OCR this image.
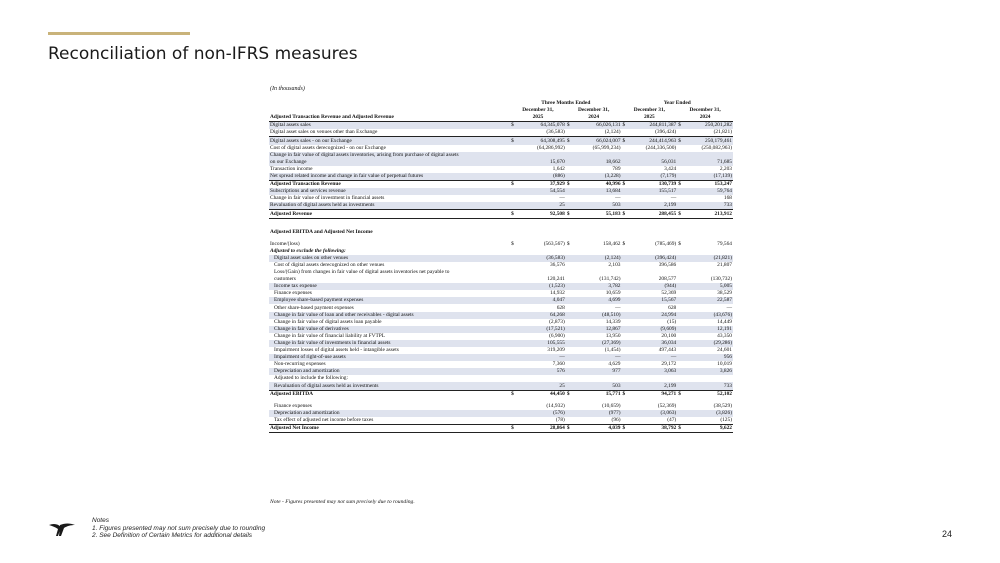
Reconciliation of non-IFRS measures
(In thousands)
	Three Months Ended				Year Ended			
	December 31,		December 31,		December 31,		December 31,	
Adjusted Transaction Revenue and Adjusted Revenue	2025		2024		2025		2024	
Digital assets sales	$	64,345,078	$	66,026,131	$	244,811,387	$	250,201,282
Digital asset sales on venues other than Exchange		(36,583)		(2,124)		(396,424)		(21,821)
Digital assets sales - on our Exchange	$	64,308,495	$	66,024,007	$	244,414,963	$	250,179,461
Cost of digital assets derecognized - on our Exchange		(64,286,992)		(65,999,234)		(244,336,500)		(250,082,963)
Change in fair value of digital assets inventories, arising from purchase of digital assets								
on our Exchange		15,670		18,662		56,031		71,685
Transaction income		1,642		789		3,424		2,203
Net spread related income and change in fair value of perpetual futures		(886)		(3,228)		(7,179)		(17,139)
Adjusted Transaction Revenue	$	37,929	$	40,996	$	130,739	$	153,247
Subscriptions and services revenue		54,554		13,684		155,517		59,764
Change in fair value of investment in financial assets		—		—		—		168
Revaluation of digital assets held as investments		25		503		2,199		733
Adjusted Revenue	$	92,508	$	55,183	$	288,455	$	213,912

Adjusted EBITDA and Adjusted Net Income								

Income/(loss)	$	(563,567)	$	158,462	$	(785,469)	$	79,564
Adjusted to exclude the following:								
Digital asset sales on other venues		(36,583)		(2,124)		(396,424)		(21,821)
Cost of digital assets derecognized on other venues		36,576		2,103		396,586		21,807
Loss/(Gain) from changes in fair value of digital assets inventories net payable to								
customers		120,241		(131,742)		208,577		(130,732)
Income tax expense		(1,523)		3,782		(944)		5,005
Finance expenses		14,932		10,659		52,369		38,529
Employee share-based payment expenses		4,047		4,699		15,567		22,587
Other share-based payment expenses		628		—		628		—
Change in fair value of loan and other receivables - digital assets		64,268		(48,510)		24,994		(43,676)
Change in fair value of digital assets loan payable		(2,873)		14,339		(15)		14,449
Change in fair value of derivatives		(17,521)		12,867		(9,609)		12,191
Change in fair value of financial liability at FVTPL		(6,900)		13,950		20,100		43,350
Change in fair value of investments in financial assets		105,555		(27,369)		36,034		(29,286)
Impairment losses of digital assets held - intangible assets		319,209		(1,454)		497,443		24,601
Impairment of right-of-use assets		—		—		—		956
Non-recurring expenses		7,360		4,629		29,172		10,019
Depreciation and amortization		576		977		3,063		3,826
Adjusted to include the following:								
Revaluation of digital assets held as investments		25		503		2,199		733
Adjusted EBITDA	$	44,450	$	15,771	$	94,271	$	52,102

Finance expenses		(14,932)		(10,659)		(52,369)		(38,529)
Depreciation and amortization		(576)		(977)		(3,063)		(3,826)
Tax effect of adjusted net income before taxes		(78)		(96)		(47)		(125)
Adjusted Net Income	$	28,864	$	4,039	$	38,792	$	9,622
Note - Figures presented may not sum precisely due to rounding.
Notes
1. Figures presented may not sum precisely due to rounding
2. See Definition of Certain Metrics for additional details	24
